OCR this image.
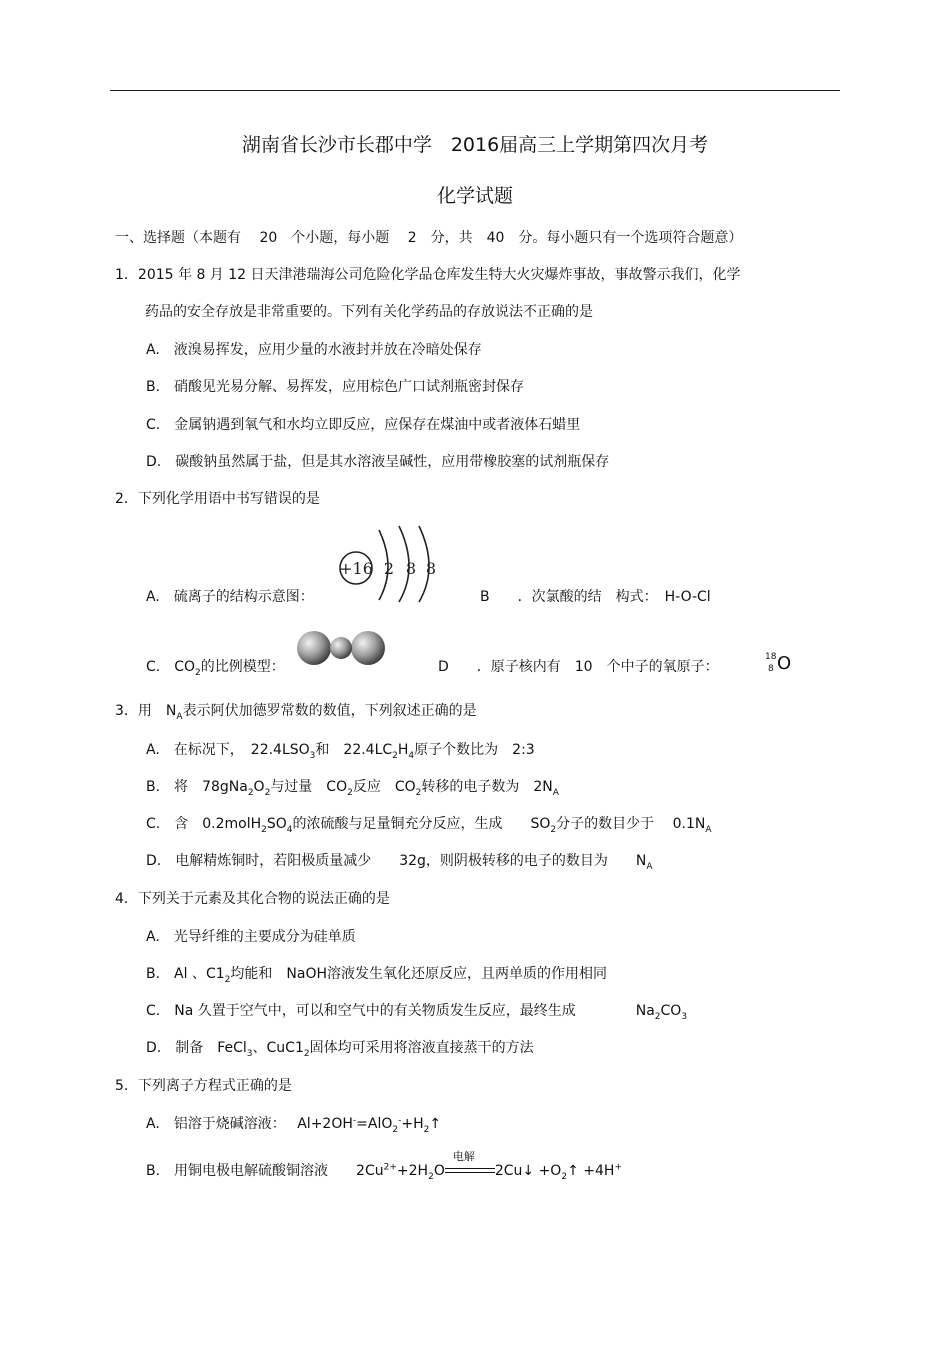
湖南省长沙市长郡中学　2016届高三上学期第四次月考
化学试题
一、选择题（本题有　 20　个小题，每小题　 2　分，共　40　分。每小题只有一个选项符合题意）
1．2015 年 8 月 12 日天津港瑞海公司危险化学品仓库发生特大火灾爆炸事故，事故警示我们，化学
药品的安全存放是非常重要的。下列有关化学药品的存放说法不正确的是
A.　液溴易挥发，应用少量的水液封并放在冷暗处保存
B.　硝酸见光易分解、易挥发，应用棕色广口试剂瓶密封保存
C.　金属钠遇到氧气和水均立即反应，应保存在煤油中或者液体石蜡里
D.　碳酸钠虽然属于盐，但是其水溶液呈碱性，应用带橡胶塞的试剂瓶保存
2．下列化学用语中书写错误的是
A.　硫离子的结构示意图：
+16 2 8 8
B　　．次氯酸的结　构式：　H-O-Cl
C.　$CO_2$的比例模型：	D　　．原子核内有　10　个中子的氧原子：
18
8 O
3．用　$N_A$表示阿伏加德罗常数的数值，下列叙述正确的是
A.　在标况下，　$22.4LSO_3$和　$22.4LC_2H_4$原子个数比为　2:3
B.　将　$78gNa_2O_2$与过量　$CO_2$反应　$CO_2$转移的电子数为　$2N_A$
C.　含　$0.2molH_2SO_4$的浓硫酸与足量铜充分反应，生成　　$SO_2$分子的数目少于　 $0.1N_A$
D.　电解精炼铜时，若阳极质量减少　　32g，则阴极转移的电子的数目为　　$N_A$
4．下列关于元素及其化合物的说法正确的是
A.　光导纤维的主要成分为硅单质
B.　Al 、$C1_2$均能和　NaOH溶液发生氧化还原反应，且两单质的作用相同
C.　Na 久置于空气中，可以和空气中的有关物质发生反应，最终生成	$Na_2CO_3$
D.　制备　FeCl$_3$、$CuC1_2$固体均可采用将溶液直接蒸干的方法
5．下列离子方程式正确的是
A.　铝溶于烧碱溶液：　 $Al+2OH^-=AlO_2^-+H_2↑$
B.　用铜电极电解硫酸铜溶液　　$2Cu^{2+}+2H_2O$
电解
2Cu↓ $+O_2↑ +4H^+$
